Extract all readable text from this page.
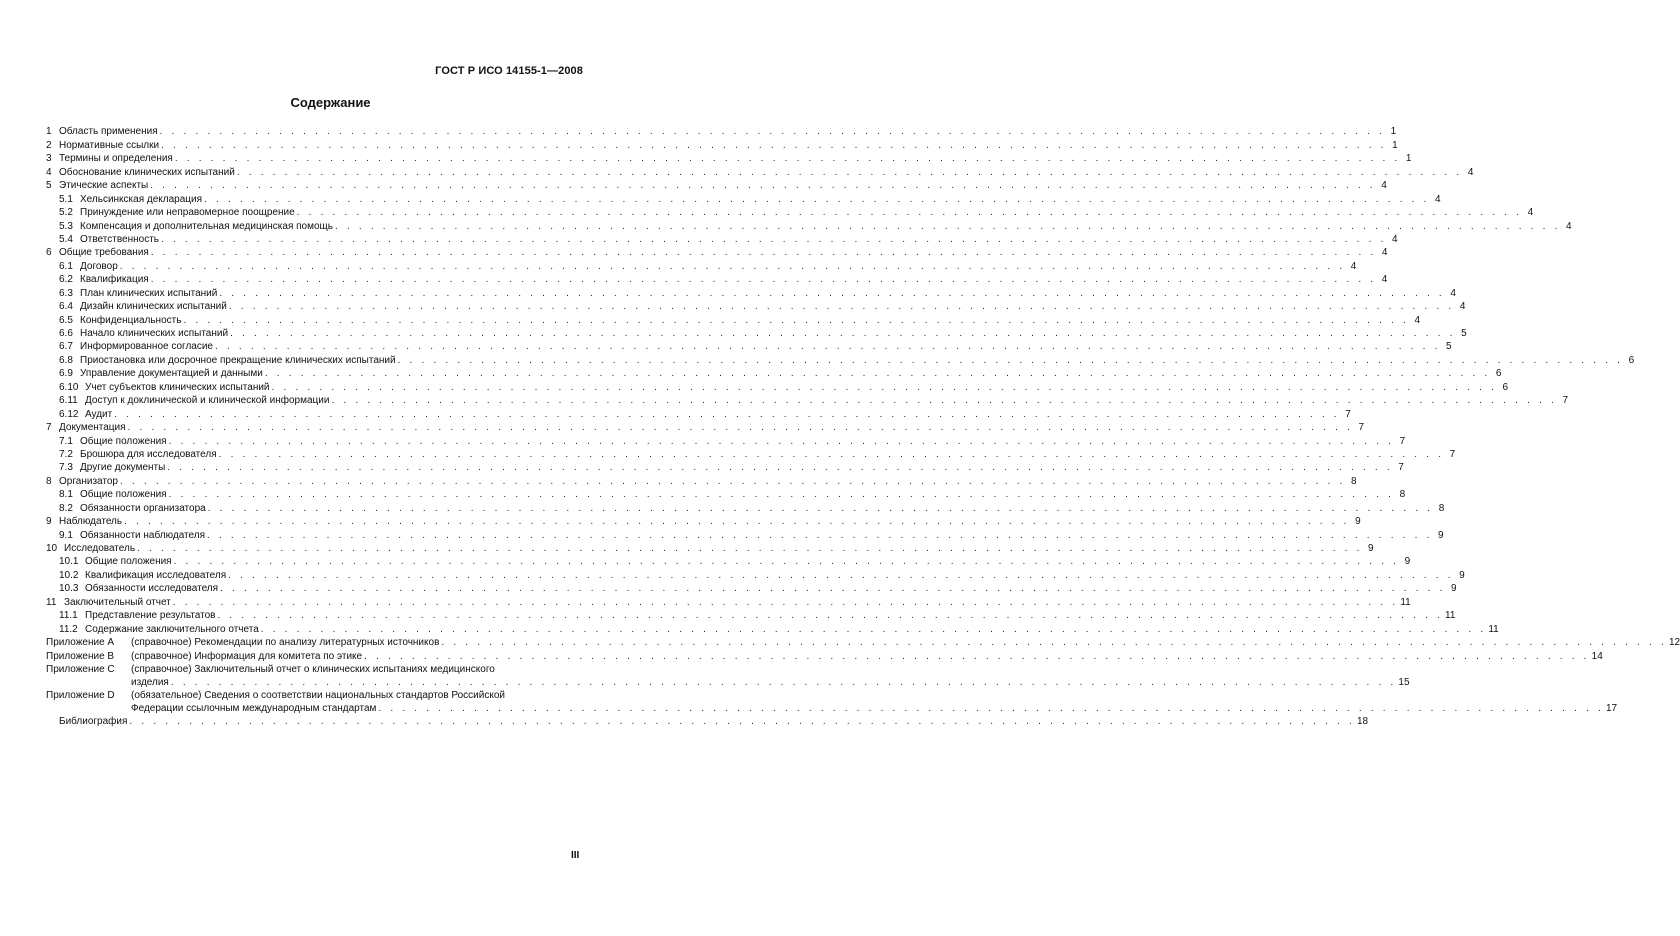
ГОСТ Р ИСО 14155-1—2008
Содержание
1 Область применения . . . . . . . . . . . . . . . . . . . . . . . . . . . . . . . . . . . . . . . . . . . . . . . . . . . . . . . . . . . . . . . . . . . . . . . . . . . . . . . . . . . . . . . . . . . . . . . . . . . . . . . 1
2 Нормативные ссылки . . . . . . . . . . . . . . . . . . . . . . . . . . . . . . . . . . . . . . . . . . . . . . . . . . . . . . . . . . . . . . . . . . . . . . . . . . . . . . . . . . . . . . . . . . . . . . . . . . . . . . . 1
3 Термины и определения . . . . . . . . . . . . . . . . . . . . . . . . . . . . . . . . . . . . . . . . . . . . . . . . . . . . . . . . . . . . . . . . . . . . . . . . . . . . . . . . . . . . . . . . . . . . . . . . . . . . . . . 1
4 Обоснование клинических испытаний . . . . . . . . . . . . . . . . . . . . . . . . . . . . . . . . . . . . . . . . . . . . . . . . . . . . . . . . . . . . . . . . . . . . . . . . . . . . . . . . . . . . . . . . . . . . . . . . . . . . . . . 4
5 Этические аспекты . . . . . . . . . . . . . . . . . . . . . . . . . . . . . . . . . . . . . . . . . . . . . . . . . . . . . . . . . . . . . . . . . . . . . . . . . . . . . . . . . . . . . . . . . . . . . . . . . . . . . . . 4
5.1 Хельсинкская декларация . . . . . . . . . . . . . . . . . . . . . . . . . . . . . . . . . . . . . . . . . . . . . . . . . . . . . . . . . . . . . . . . . . . . . . . . . . . . . . . . . . . . . . . . . . . . . . . . . . . . . . . 4
5.2 Принуждение или неправомерное поощрение . . . . . . . . . . . . . . . . . . . . . . . . . . . . . . . . . . . . . . . . . . . . . . . . . . . . . . . . . . . . . . . . . . . . . . . . . . . . . . . . . . . . . . . . . . . . . . . . . . . . . . . 4
5.3 Компенсация и дополнительная медицинская помощь . . . . . . . . . . . . . . . . . . . . . . . . . . . . . . . . . . . . . . . . . . . . . . . . . . . . . . . . . . . . . . . . . . . . . . . . . . . . . . . . . . . . . . . . . . . . . . . . . . . . . . . 4
5.4 Ответственность . . . . . . . . . . . . . . . . . . . . . . . . . . . . . . . . . . . . . . . . . . . . . . . . . . . . . . . . . . . . . . . . . . . . . . . . . . . . . . . . . . . . . . . . . . . . . . . . . . . . . . . 4
6 Общие требования . . . . . . . . . . . . . . . . . . . . . . . . . . . . . . . . . . . . . . . . . . . . . . . . . . . . . . . . . . . . . . . . . . . . . . . . . . . . . . . . . . . . . . . . . . . . . . . . . . . . . . . 4
6.1 Договор . . . . . . . . . . . . . . . . . . . . . . . . . . . . . . . . . . . . . . . . . . . . . . . . . . . . . . . . . . . . . . . . . . . . . . . . . . . . . . . . . . . . . . . . . . . . . . . . . . . . . . . 4
6.2 Квалификация . . . . . . . . . . . . . . . . . . . . . . . . . . . . . . . . . . . . . . . . . . . . . . . . . . . . . . . . . . . . . . . . . . . . . . . . . . . . . . . . . . . . . . . . . . . . . . . . . . . . . . . 4
6.3 План клинических испытаний . . . . . . . . . . . . . . . . . . . . . . . . . . . . . . . . . . . . . . . . . . . . . . . . . . . . . . . . . . . . . . . . . . . . . . . . . . . . . . . . . . . . . . . . . . . . . . . . . . . . . . . 4
6.4 Дизайн клинических испытаний . . . . . . . . . . . . . . . . . . . . . . . . . . . . . . . . . . . . . . . . . . . . . . . . . . . . . . . . . . . . . . . . . . . . . . . . . . . . . . . . . . . . . . . . . . . . . . . . . . . . . . . 4
6.5 Конфиденциальность . . . . . . . . . . . . . . . . . . . . . . . . . . . . . . . . . . . . . . . . . . . . . . . . . . . . . . . . . . . . . . . . . . . . . . . . . . . . . . . . . . . . . . . . . . . . . . . . . . . . . . . 4
6.6 Начало клинических испытаний . . . . . . . . . . . . . . . . . . . . . . . . . . . . . . . . . . . . . . . . . . . . . . . . . . . . . . . . . . . . . . . . . . . . . . . . . . . . . . . . . . . . . . . . . . . . . . . . . . . . . . . 5
6.7 Информированное согласие . . . . . . . . . . . . . . . . . . . . . . . . . . . . . . . . . . . . . . . . . . . . . . . . . . . . . . . . . . . . . . . . . . . . . . . . . . . . . . . . . . . . . . . . . . . . . . . . . . . . . . . 5
6.8 Приостановка или досрочное прекращение клинических испытаний . . . . . . . . . . . . . . . . . . . . . . . . . . . . . . . . . . . . . . . . . . . . . . . . . . . . . . . . . . . . . . . . . . . . . . . . . . . . . . . . . . . . . . . . . . . . . . . . . . . . . . . 6
6.9 Управление документацией и данными . . . . . . . . . . . . . . . . . . . . . . . . . . . . . . . . . . . . . . . . . . . . . . . . . . . . . . . . . . . . . . . . . . . . . . . . . . . . . . . . . . . . . . . . . . . . . . . . . . . . . . . 6
6.10 Учет субъектов клинических испытаний . . . . . . . . . . . . . . . . . . . . . . . . . . . . . . . . . . . . . . . . . . . . . . . . . . . . . . . . . . . . . . . . . . . . . . . . . . . . . . . . . . . . . . . . . . . . . . . . . . . . . . . 6
6.11 Доступ к доклинической и клинической информации . . . . . . . . . . . . . . . . . . . . . . . . . . . . . . . . . . . . . . . . . . . . . . . . . . . . . . . . . . . . . . . . . . . . . . . . . . . . . . . . . . . . . . . . . . . . . . . . . . . . . . . 7
6.12 Аудит . . . . . . . . . . . . . . . . . . . . . . . . . . . . . . . . . . . . . . . . . . . . . . . . . . . . . . . . . . . . . . . . . . . . . . . . . . . . . . . . . . . . . . . . . . . . . . . . . . . . . . . 7
7 Документация . . . . . . . . . . . . . . . . . . . . . . . . . . . . . . . . . . . . . . . . . . . . . . . . . . . . . . . . . . . . . . . . . . . . . . . . . . . . . . . . . . . . . . . . . . . . . . . . . . . . . . . 7
7.1 Общие положения . . . . . . . . . . . . . . . . . . . . . . . . . . . . . . . . . . . . . . . . . . . . . . . . . . . . . . . . . . . . . . . . . . . . . . . . . . . . . . . . . . . . . . . . . . . . . . . . . . . . . . . 7
7.2 Брошюра для исследователя . . . . . . . . . . . . . . . . . . . . . . . . . . . . . . . . . . . . . . . . . . . . . . . . . . . . . . . . . . . . . . . . . . . . . . . . . . . . . . . . . . . . . . . . . . . . . . . . . . . . . . . 7
7.3 Другие документы . . . . . . . . . . . . . . . . . . . . . . . . . . . . . . . . . . . . . . . . . . . . . . . . . . . . . . . . . . . . . . . . . . . . . . . . . . . . . . . . . . . . . . . . . . . . . . . . . . . . . . . 7
8 Организатор . . . . . . . . . . . . . . . . . . . . . . . . . . . . . . . . . . . . . . . . . . . . . . . . . . . . . . . . . . . . . . . . . . . . . . . . . . . . . . . . . . . . . . . . . . . . . . . . . . . . . . . 8
8.1 Общие положения . . . . . . . . . . . . . . . . . . . . . . . . . . . . . . . . . . . . . . . . . . . . . . . . . . . . . . . . . . . . . . . . . . . . . . . . . . . . . . . . . . . . . . . . . . . . . . . . . . . . . . . 8
8.2 Обязанности организатора . . . . . . . . . . . . . . . . . . . . . . . . . . . . . . . . . . . . . . . . . . . . . . . . . . . . . . . . . . . . . . . . . . . . . . . . . . . . . . . . . . . . . . . . . . . . . . . . . . . . . . . 8
9 Наблюдатель . . . . . . . . . . . . . . . . . . . . . . . . . . . . . . . . . . . . . . . . . . . . . . . . . . . . . . . . . . . . . . . . . . . . . . . . . . . . . . . . . . . . . . . . . . . . . . . . . . . . . . . 9
9.1 Обязанности наблюдателя . . . . . . . . . . . . . . . . . . . . . . . . . . . . . . . . . . . . . . . . . . . . . . . . . . . . . . . . . . . . . . . . . . . . . . . . . . . . . . . . . . . . . . . . . . . . . . . . . . . . . . . 9
10 Исследователь . . . . . . . . . . . . . . . . . . . . . . . . . . . . . . . . . . . . . . . . . . . . . . . . . . . . . . . . . . . . . . . . . . . . . . . . . . . . . . . . . . . . . . . . . . . . . . . . . . . . . . . 9
10.1 Общие положения . . . . . . . . . . . . . . . . . . . . . . . . . . . . . . . . . . . . . . . . . . . . . . . . . . . . . . . . . . . . . . . . . . . . . . . . . . . . . . . . . . . . . . . . . . . . . . . . . . . . . . . 9
10.2 Квалификация исследователя . . . . . . . . . . . . . . . . . . . . . . . . . . . . . . . . . . . . . . . . . . . . . . . . . . . . . . . . . . . . . . . . . . . . . . . . . . . . . . . . . . . . . . . . . . . . . . . . . . . . . . . 9
10.3 Обязанности исследователя . . . . . . . . . . . . . . . . . . . . . . . . . . . . . . . . . . . . . . . . . . . . . . . . . . . . . . . . . . . . . . . . . . . . . . . . . . . . . . . . . . . . . . . . . . . . . . . . . . . . . . . 9
11 Заключительный отчет . . . . . . . . . . . . . . . . . . . . . . . . . . . . . . . . . . . . . . . . . . . . . . . . . . . . . . . . . . . . . . . . . . . . . . . . . . . . . . . . . . . . . . . . . . . . . . . . . . . . . . . 11
11.1 Представление результатов . . . . . . . . . . . . . . . . . . . . . . . . . . . . . . . . . . . . . . . . . . . . . . . . . . . . . . . . . . . . . . . . . . . . . . . . . . . . . . . . . . . . . . . . . . . . . . . . . . . . . . . 11
11.2 Содержание заключительного отчета . . . . . . . . . . . . . . . . . . . . . . . . . . . . . . . . . . . . . . . . . . . . . . . . . . . . . . . . . . . . . . . . . . . . . . . . . . . . . . . . . . . . . . . . . . . . . . . . . . . . . . . 11
Приложение А	(справочное) Рекомендации по анализу литературных источников . . . . . . . . . . . . . . . . . . . . . . . . . . . . . . . . . . . . . . . . . . . . . . . . . . . . . . . . . . . . . . . . . . . . . . . . . . . . . . . . . . . . . . . . . . . . . . . . . . . . . . . 12
Приложение В	(справочное) Информация для комитета по этике . . . . . . . . . . . . . . . . . . . . . . . . . . . . . . . . . . . . . . . . . . . . . . . . . . . . . . . . . . . . . . . . . . . . . . . . . . . . . . . . . . . . . . . . . . . . . . . . . . . . . . . 14
Приложение С	(справочное) Заключительный отчет о клинических испытаниях медицинского
изделия . . . . . . . . . . . . . . . . . . . . . . . . . . . . . . . . . . . . . . . . . . . . . . . . . . . . . . . . . . . . . . . . . . . . . . . . . . . . . . . . . . . . . . . . . . . . . . . . . . . . . . . 15
Приложение D	(обязательное) Сведения о соответствии национальных стандартов Российской
Федерации ссылочным международным стандартам . . . . . . . . . . . . . . . . . . . . . . . . . . . . . . . . . . . . . . . . . . . . . . . . . . . . . . . . . . . . . . . . . . . . . . . . . . . . . . . . . . . . . . . . . . . . . . . . . . . . . . . 17
Библиография . . . . . . . . . . . . . . . . . . . . . . . . . . . . . . . . . . . . . . . . . . . . . . . . . . . . . . . . . . . . . . . . . . . . . . . . . . . . . . . . . . . . . . . . . . . . . . . . . . . . . . . 18
III
